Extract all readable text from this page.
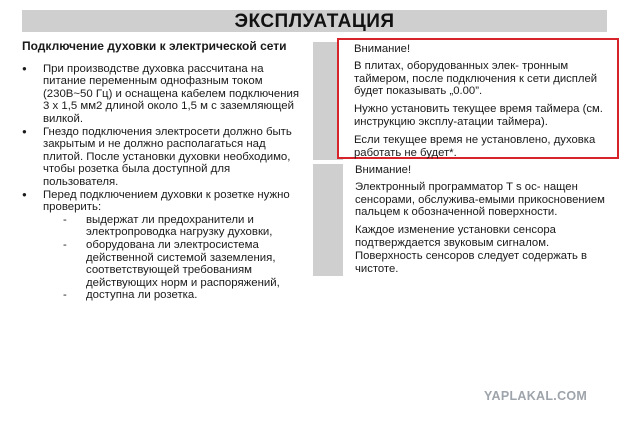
ЭКСПЛУАТАЦИЯ

Подключение духовки к электрической сети

● При производстве духовка рассчитана на питание переменным однофазным током (230В~50 Гц) и оснащена кабелем подключения 3 x 1,5 мм2 длиной около 1,5 м с заземляющей вилкой.
● Гнездо подключения электросети должно быть закрытым и не должно располагаться над плитой. После установки духовки необходимо, чтобы розетка была доступной для пользователя.
● Перед подключением духовки к розетке нужно проверить:
- выдержат ли предохранители и электропроводка нагрузку духовки,
- оборудована ли электросистема действенной системой заземления, соответствующей требованиям действующих норм и распоряжений,
- доступна ли розетка.

Внимание!

В плитах, оборудованных элек- тронным таймером, после подключения к сети дисплей будет показывать „0.00”.

Нужно установить текущее время таймера (см. инструкцию эксплу-атации таймера).

Если текущее время не установлено, духовка работать не будет*.

Внимание!

Электронный программатор T s ос- нащен сенсорами, обслужива-емыми прикосновением пальцем к обозначенной поверхности.

Каждое изменение установки сенсора подтверждается звуковым сигналом. Поверхность сенсоров следует содержать в чистоте.

YAPLAKAL.COM
